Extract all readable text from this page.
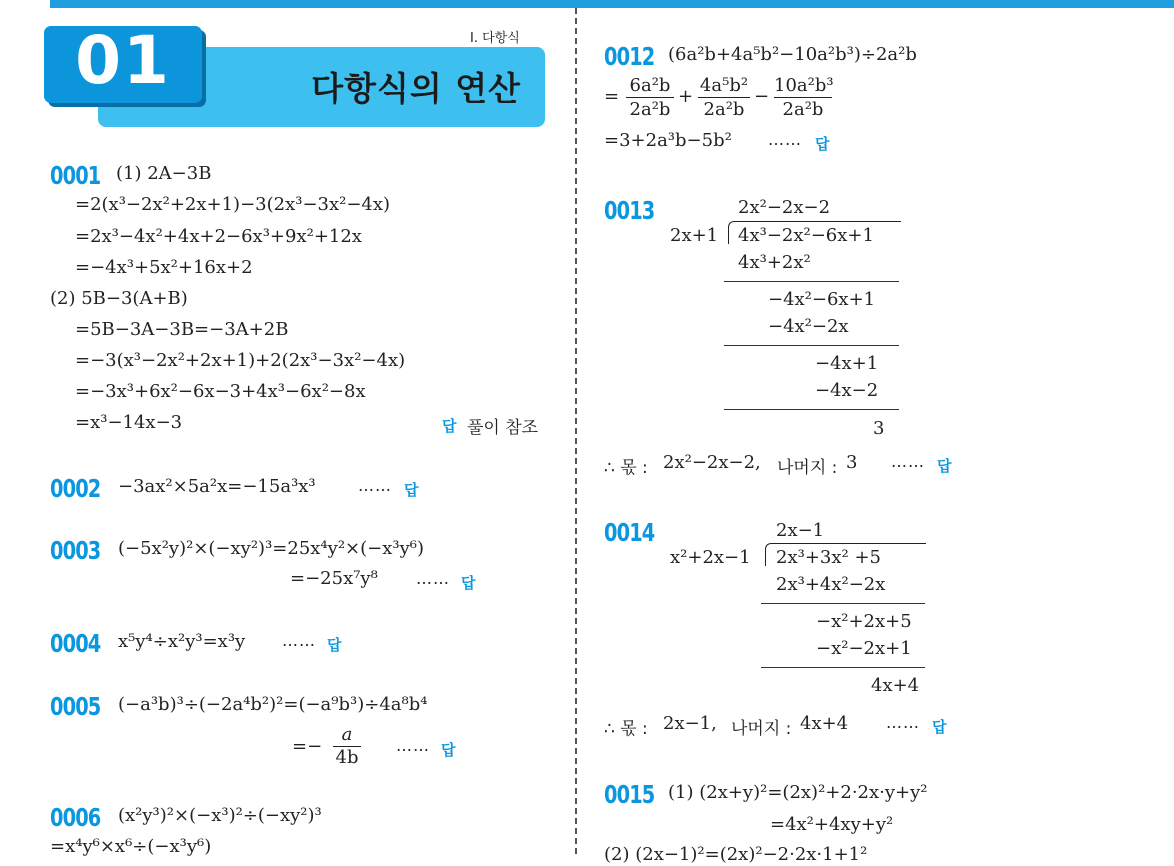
Ⅰ. 다항식
다항식의 연산
01
0001 (1) 2A−3B
=2(x³−2x²+2x+1)−3(2x³−3x²−4x)
=2x³−4x²+4x+2−6x³+9x²+12x
=−4x³+5x²+16x+2
(2) 5B−3(A+B)
=5B−3A−3B=−3A+2B
=−3(x³−2x²+2x+1)+2(2x³−3x²−4x)
=−3x³+6x²−6x−3+4x³−6x²−8x
=x³−14x−3	답 풀이 참조
0002 −3ax²×5a²x=−15a³x³	…… 답
0003 (−5x²y)²×(−xy²)³=25x⁴y²×(−x³y⁶)
=−25x⁷y⁸ …… 답
0004 x⁵y⁴÷x²y³=x³y …… 답
0005 (−a³b)³÷(−2a⁴b²)²=(−a⁹b³)÷4a⁸b⁴
=−
a
4b
…… 답
0006 (x²y³)²×(−x³)²÷(−xy²)³
=x⁴y⁶×x⁶÷(−x³y⁶)
0012 (6a²b+4a⁵b²−10a²b³)÷2a²b
=
6a²b
2a²b
+
4a⁵b²
2a²b
−
10a²b³
2a²b
=3+2a³b−5b² …… 답
0013	2x²−2x−2
2x+1 4x³−2x²−6x+1
4x³+2x²
−4x²−6x+1
−4x²−2x
−4x+1
−4x−2
3
∴ 몫 : 2x²−2x−2, 나머지 : 3 …… 답
0014	2x−1
x²+2x−1 2x³+3x² +5
2x³+4x²−2x
−x²+2x+5
−x²−2x+1
4x+4
∴ 몫 : 2x−1, 나머지 : 4x+4 …… 답
0015 (1) (2x+y)²=(2x)²+2·2x·y+y²
=4x²+4xy+y²
(2) (2x−1)²=(2x)²−2·2x·1+1²
